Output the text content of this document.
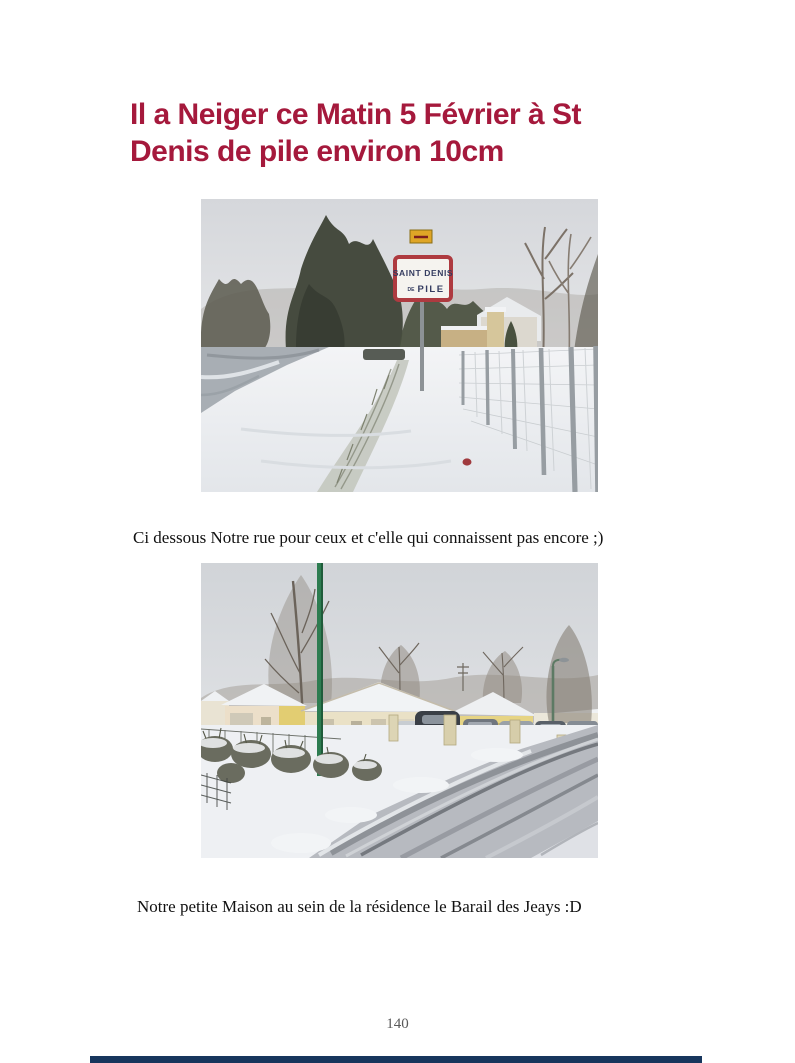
Il a Neiger ce Matin 5 Février à St
Denis de pile environ 10cm
SAINT DENIS
DE PILE
Ci dessous Notre rue pour ceux et c'elle qui connaissent pas encore ;)
Notre petite Maison au sein de la résidence le Barail des Jeays :D
140
